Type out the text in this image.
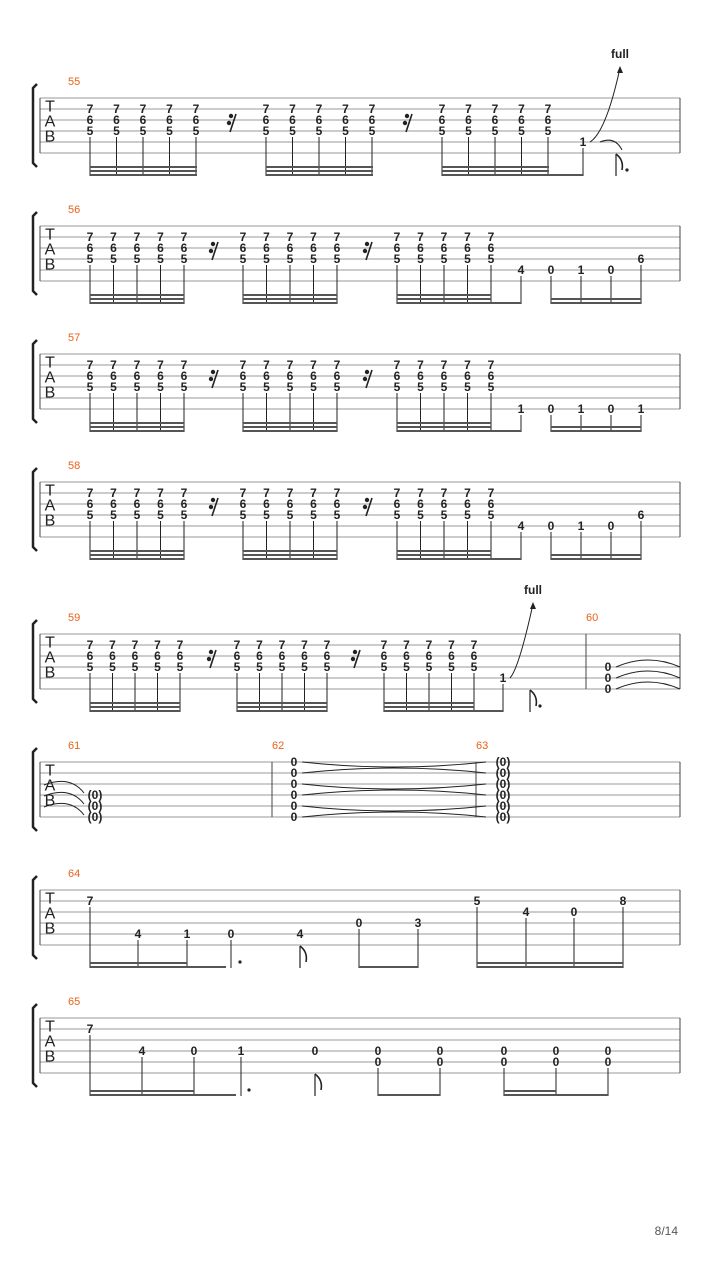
T
A
B
55
7
6
5
7
6
5
7
6
5
7
6
5
7
6
5
7
6
5
7
6
5
7
6
5
7
6
5
7
6
5
7
6
5
7
6
5
7
6
5
7
6
5
7
6
5
1
full
T
A
B
56
7
6
5
7
6
5
7
6
5
7
6
5
7
6
5
7
6
5
7
6
5
7
6
5
7
6
5
7
6
5
7
6
5
7
6
5
7
6
5
7
6
5
7
6
5
4 0 1 0
6
T
A
B
57
7
6
5
7
6
5
7
6
5
7
6
5
7
6
5
7
6
5
7
6
5
7
6
5
7
6
5
7
6
5
7
6
5
7
6
5
7
6
5
7
6
5
7
6
5
1 0 1 0 1
T
A
B
58
7
6
5
7
6
5
7
6
5
7
6
5
7
6
5
7
6
5
7
6
5
7
6
5
7
6
5
7
6
5
7
6
5
7
6
5
7
6
5
7
6
5
7
6
5
4 0 1 0
6
T
A
B
59
7
6
5
7
6
5
7
6
5
7
6
5
7
6
5
7
6
5
7
6
5
7
6
5
7
6
5
7
6
5
7
6
5
7
6
5
7
6
5
7
6
5
7
6
5
1
full
60
0
0
0
T
A
B
61	62	63
(0)
(0)
(0)
0
0
0
0
0
0
(0)
(0)
(0)
(0)
(0)
(0)
T
A
B
64
7
4	1	0	4
0	3
5
4	0
8
T
A
B
65
7
4	0	1	0	0
0
0
0
0
0
0
0
0
0
8/14
